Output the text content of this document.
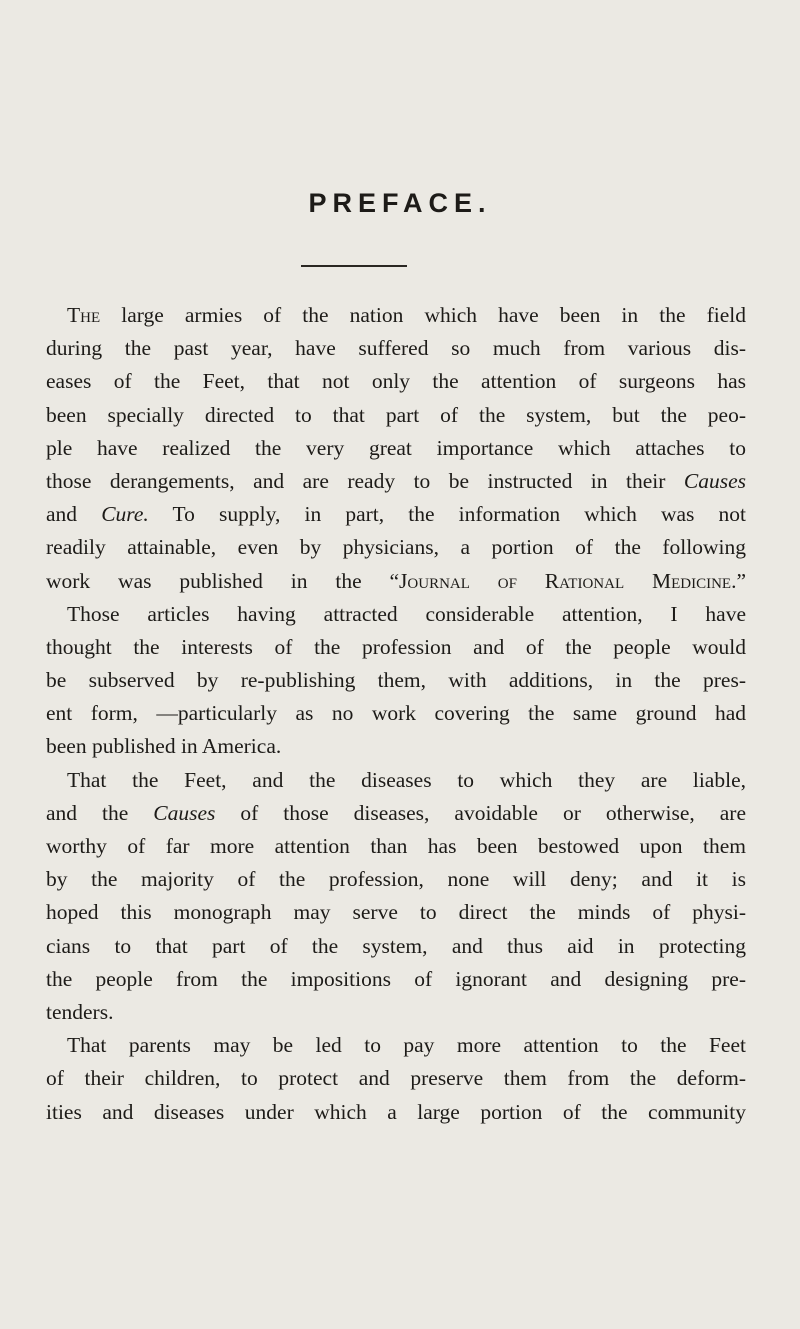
PREFACE.
The large armies of the nation which have been in the field
during the past year, have suffered so much from various dis-
eases of the Feet, that not only the attention of surgeons has
been specially directed to that part of the system, but the peo-
ple have realized the very great importance which attaches to
those derangements, and are ready to be instructed in their Causes
and Cure. To supply, in part, the information which was not
readily attainable, even by physicians, a portion of the following
work was published in the “Journal of Rational Medicine.”
Those articles having attracted considerable attention, I have
thought the interests of the profession and of the people would
be subserved by re-publishing them, with additions, in the pres-
ent form, —particularly as no work covering the same ground had
been published in America.
That the Feet, and the diseases to which they are liable,
and the Causes of those diseases, avoidable or otherwise, are
worthy of far more attention than has been bestowed upon them
by the majority of the profession, none will deny; and it is
hoped this monograph may serve to direct the minds of physi-
cians to that part of the system, and thus aid in protecting
the people from the impositions of ignorant and designing pre-
tenders.
That parents may be led to pay more attention to the Feet
of their children, to protect and preserve them from the deform-
ities and diseases under which a large portion of the community
